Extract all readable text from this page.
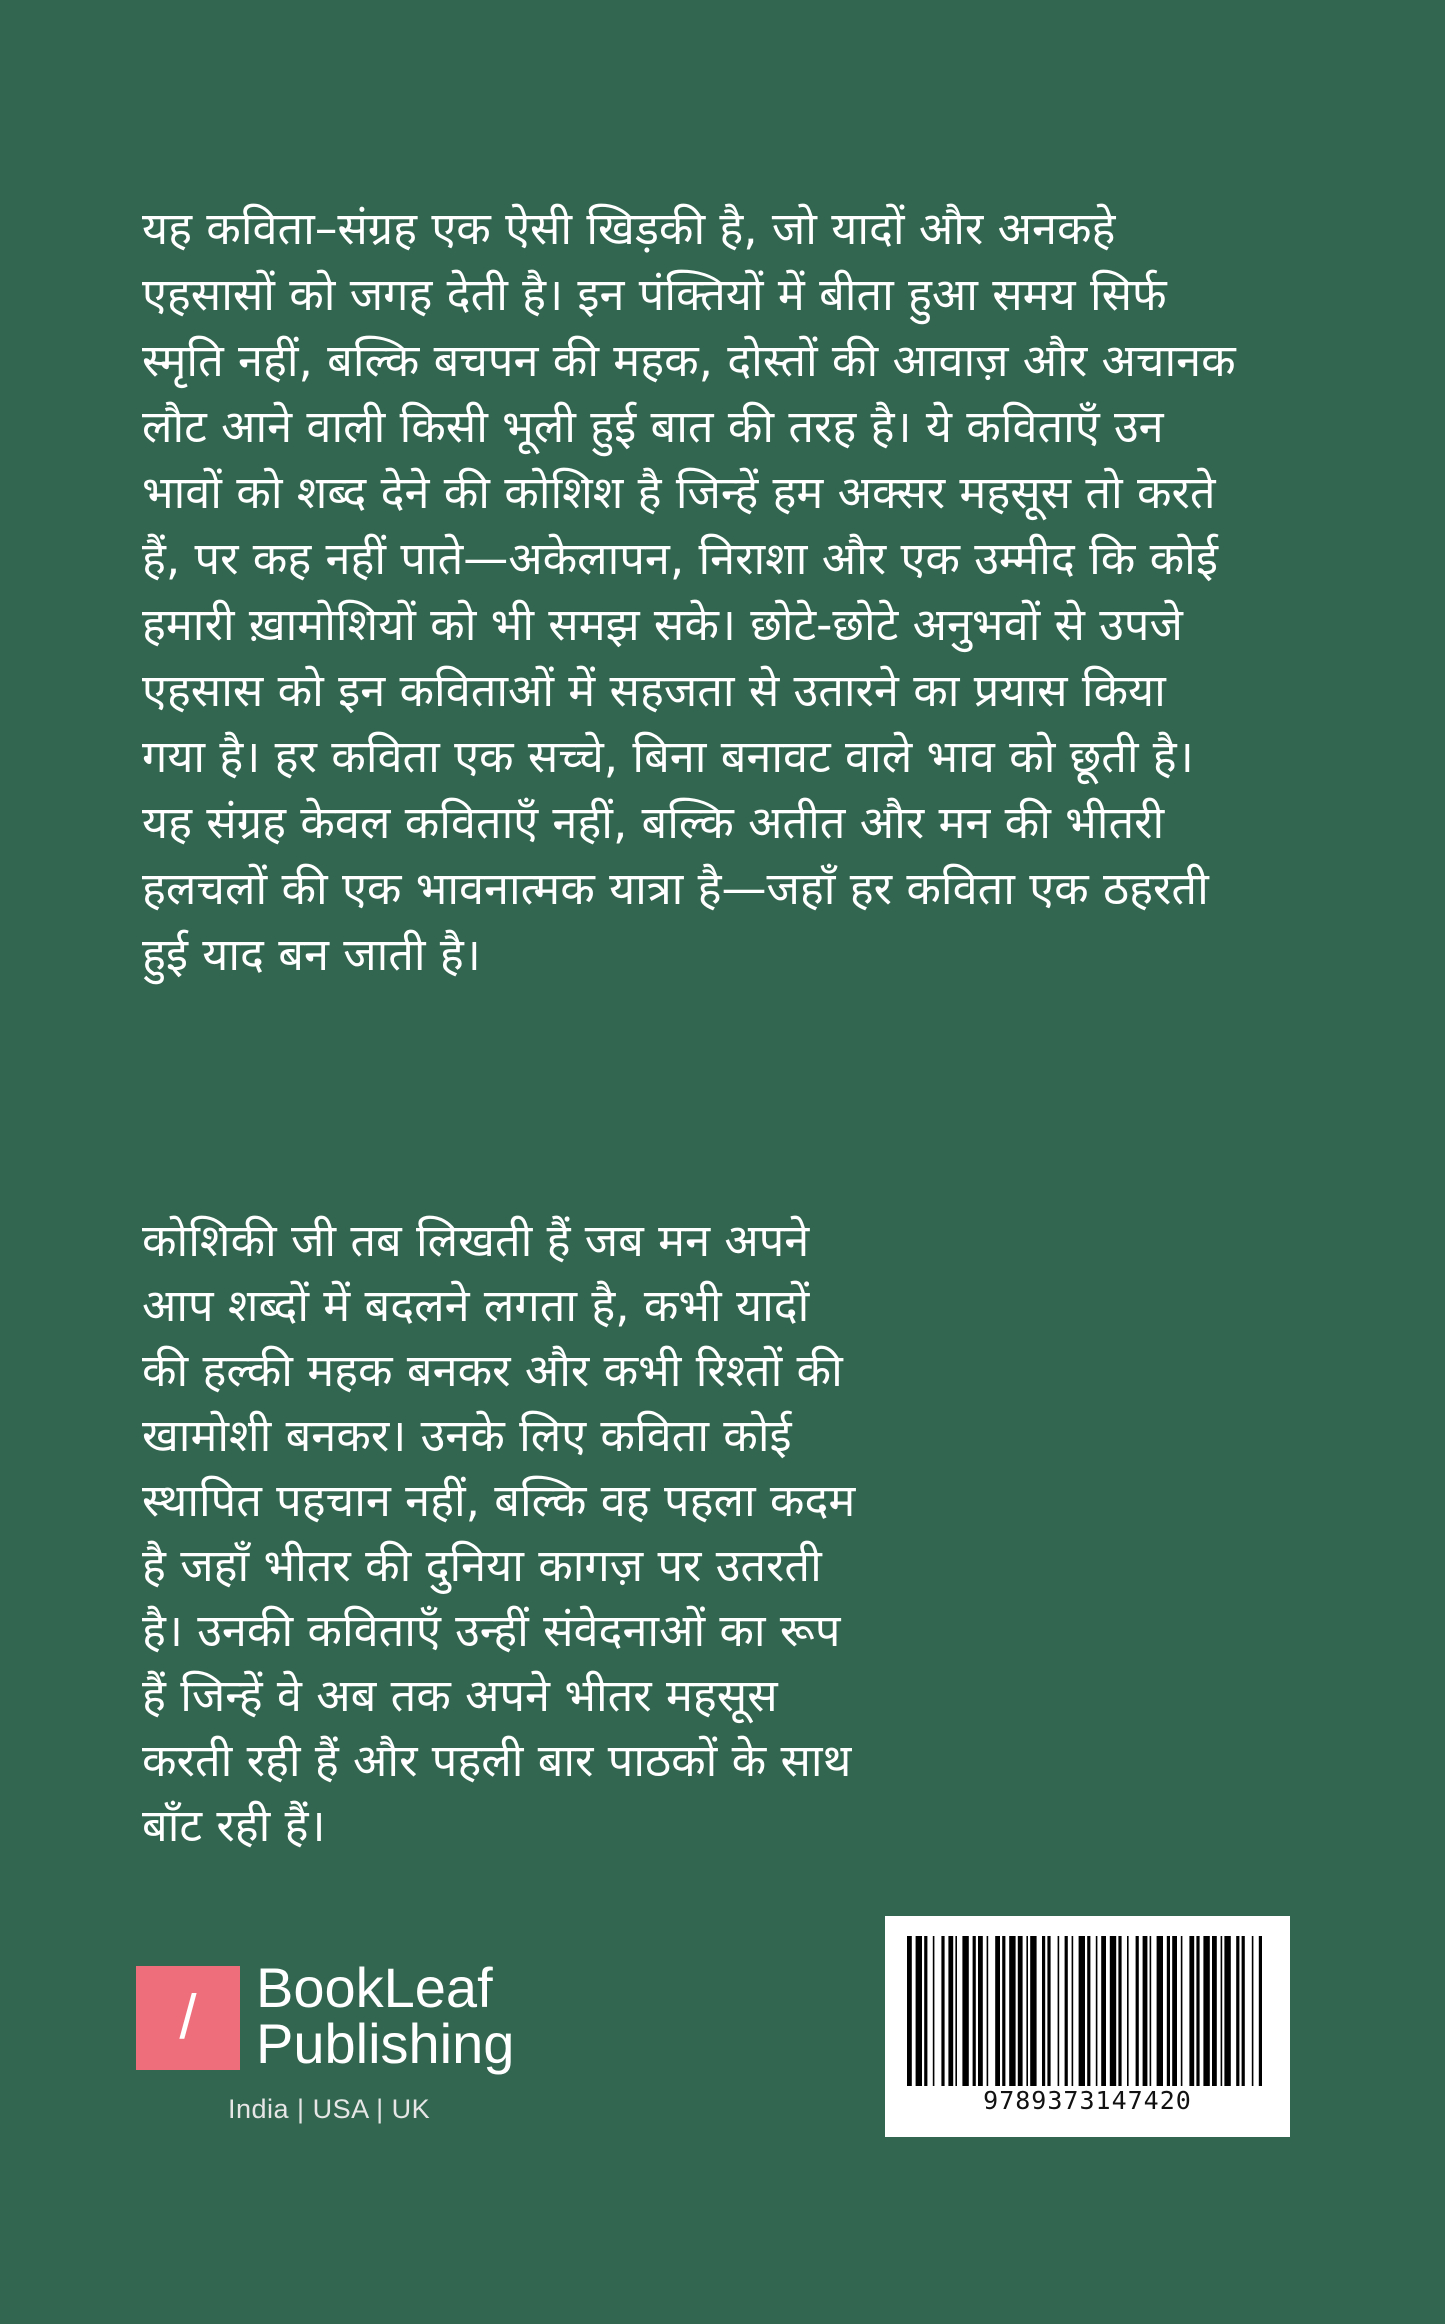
यह कविता–संग्रह एक ऐसी खिड़की है, जो यादों और अनकहे एहसासों को जगह देती है। इन पंक्तियों में बीता हुआ समय सिर्फ स्मृति नहीं, बल्कि बचपन की महक, दोस्तों की आवाज़ और अचानक लौट आने वाली किसी भूली हुई बात की तरह है। ये कविताएँ उन भावों को शब्द देने की कोशिश है जिन्हें हम अक्सर महसूस तो करते हैं, पर कह नहीं पाते—अकेलापन, निराशा और एक उम्मीद कि कोई हमारी ख़ामोशियों को भी समझ सके। छोटे-छोटे अनुभवों से उपजे एहसास को इन कविताओं में सहजता से उतारने का प्रयास किया गया है। हर कविता एक सच्चे, बिना बनावट वाले भाव को छूती है। यह संग्रह केवल कविताएँ नहीं, बल्कि अतीत और मन की भीतरी हलचलों की एक भावनात्मक यात्रा है—जहाँ हर कविता एक ठहरती हुई याद बन जाती है।

कोशिकी जी तब लिखती हैं जब मन अपने आप शब्दों में बदलने लगता है, कभी यादों की हल्की महक बनकर और कभी रिश्तों की खामोशी बनकर। उनके लिए कविता कोई स्थापित पहचान नहीं, बल्कि वह पहला कदम है जहाँ भीतर की दुनिया कागज़ पर उतरती है। उनकी कविताएँ उन्हीं संवेदनाओं का रूप हैं जिन्हें वे अब तक अपने भीतर महसूस करती रही हैं और पहली बार पाठकों के साथ बाँट रही हैं।

/	BookLeaf
Publishing
India | USA | UK	9789373147420
